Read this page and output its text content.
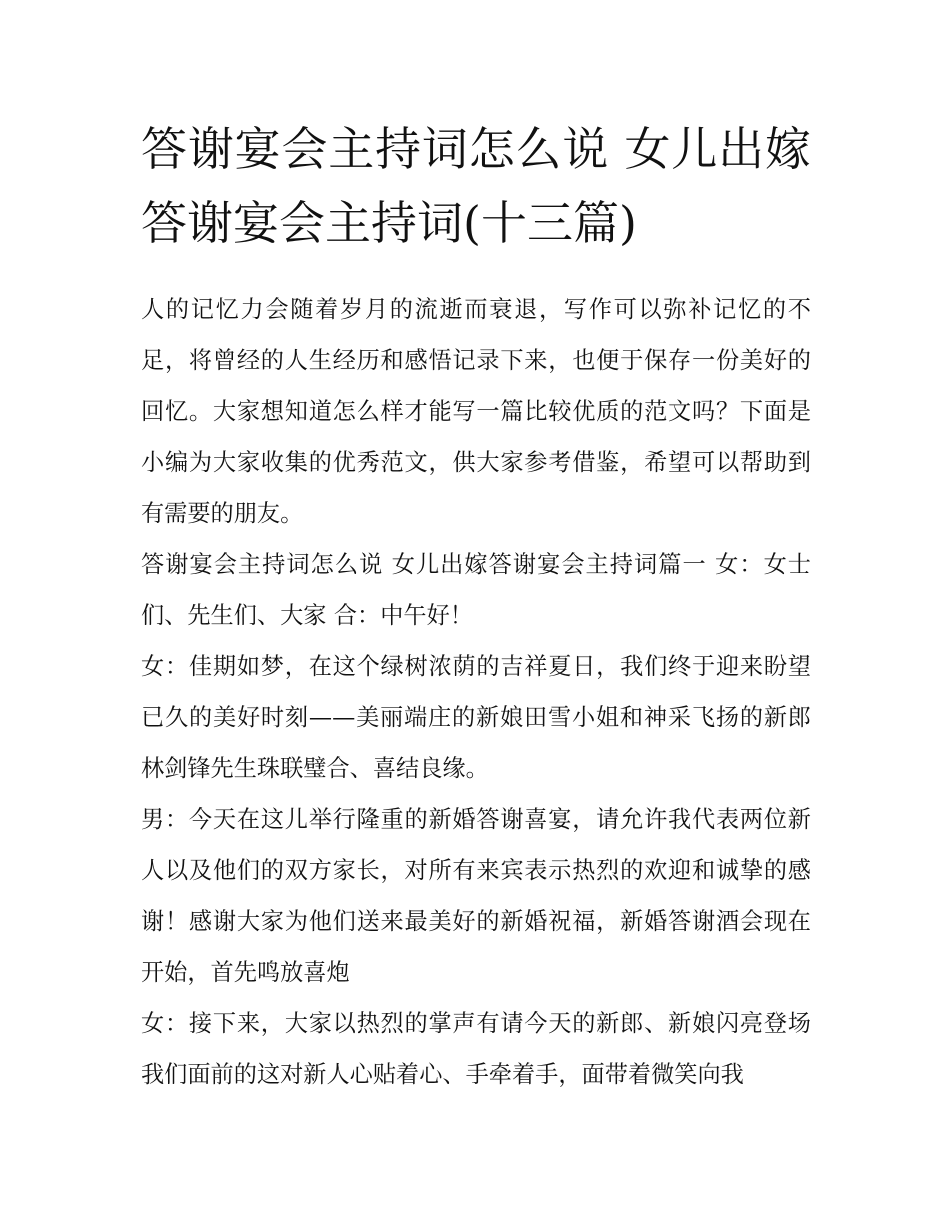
答谢宴会主持词怎么说 女儿出嫁答谢宴会主持词(十三篇)

人的记忆力会随着岁月的流逝而衰退，写作可以弥补记忆的不足，将曾经的人生经历和感悟记录下来，也便于保存一份美好的回忆。大家想知道怎么样才能写一篇比较优质的范文吗？下面是小编为大家收集的优秀范文，供大家参考借鉴，希望可以帮助到有需要的朋友。

答谢宴会主持词怎么说 女儿出嫁答谢宴会主持词篇一 女：女士们、先生们、大家 合：中午好！

女：佳期如梦，在这个绿树浓荫的吉祥夏日，我们终于迎来盼望已久的美好时刻——美丽端庄的新娘田雪小姐和神采飞扬的新郎林剑锋先生珠联璧合、喜结良缘。

男：今天在这儿举行隆重的新婚答谢喜宴，请允许我代表两位新人以及他们的双方家长，对所有来宾表示热烈的欢迎和诚挚的感谢！感谢大家为他们送来最美好的新婚祝福，新婚答谢酒会现在开始，首先鸣放喜炮

女：接下来，大家以热烈的掌声有请今天的新郎、新娘闪亮登场我们面前的这对新人心贴着心、手牵着手，面带着微笑向我
